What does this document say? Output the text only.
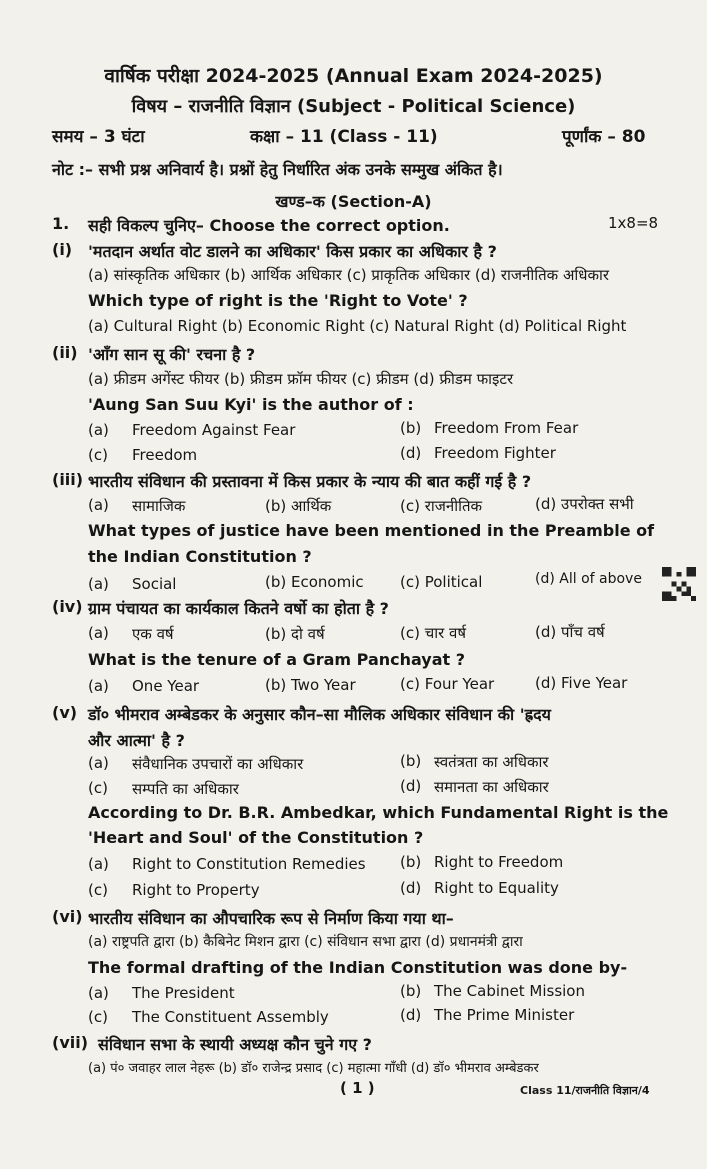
वार्षिक परीक्षा 2024-2025 (Annual Exam 2024-2025)
विषय – राजनीति विज्ञान (Subject - Political Science)
समय – 3 घंटा	कक्षा – 11 (Class - 11)	पूर्णांक – 80
नोट :– सभी प्रश्न अनिवार्य है। प्रश्नों हेतु निर्धारित अंक उनके सम्मुख अंकित है।
खण्ड–क (Section-A)
1. सही विकल्प चुनिए– Choose the correct option.	1x8=8
(i) 'मतदान अर्थात वोट डालने का अधिकार' किस प्रकार का अधिकार है ?
(a) सांस्कृतिक अधिकार (b) आर्थिक अधिकार (c) प्राकृतिक अधिकार (d) राजनीतिक अधिकार
Which type of right is the 'Right to Vote' ?
(a) Cultural Right (b) Economic Right (c) Natural Right (d) Political Right
(ii) 'आँग सान सू की' रचना है ?
(a) फ्रीडम अगेंस्ट फीयर (b) फ्रीडम फ्रॉम फीयर (c) फ्रीडम (d) फ्रीडम फाइटर
'Aung San Suu Kyi' is the author of :
(a) Freedom Against Fear	(b) Freedom From Fear
(c) Freedom	(d) Freedom Fighter
(iii) भारतीय संविधान की प्रस्तावना में किस प्रकार के न्याय की बात कहीं गई है ?
(a) सामाजिक	(b) आर्थिक	(c) राजनीतिक	(d) उपरोक्त सभी
What types of justice have been mentioned in the Preamble of
the Indian Constitution ?
(a) Social	(b) Economic (c) Political	(d) All of above
(iv) ग्राम पंचायत का कार्यकाल कितने वर्षो का होता है ?
(a) एक वर्ष	(b) दो वर्ष	(c) चार वर्ष	(d) पाँच वर्ष
What is the tenure of a Gram Panchayat ?
(a) One Year	(b) Two Year	(c) Four Year	(d) Five Year
(v) डॉ० भीमराव अम्बेडकर के अनुसार कौन–सा मौलिक अधिकार संविधान की 'ह्रदय
और आत्मा' है ?
(a) संवैधानिक उपचारों का अधिकार	(b) स्वतंत्रता का अधिकार
(c) सम्पति का अधिकार	(d) समानता का अधिकार
According to Dr. B.R. Ambedkar, which Fundamental Right is the
'Heart and Soul' of the Constitution ?
(a) Right to Constitution Remedies (b) Right to Freedom
(c) Right to Property	(d) Right to Equality
(vi) भारतीय संविधान का औपचारिक रूप से निर्माण किया गया था–
(a) राष्ट्रपति द्वारा (b) कैबिनेट मिशन द्वारा (c) संविधान सभा द्वारा (d) प्रधानमंत्री द्वारा
The formal drafting of the Indian Constitution was done by-
(a) The President	(b) The Cabinet Mission
(c) The Constituent Assembly	(d) The Prime Minister
(vii) संविधान सभा के स्थायी अध्यक्ष कौन चुने गए ?
(a) पं० जवाहर लाल नेहरू (b) डॉ० राजेन्द्र प्रसाद (c) महात्मा गाँधी (d) डॉ० भीमराव अम्बेडकर
( 1 )	Class 11/राजनीति विज्ञान/4
